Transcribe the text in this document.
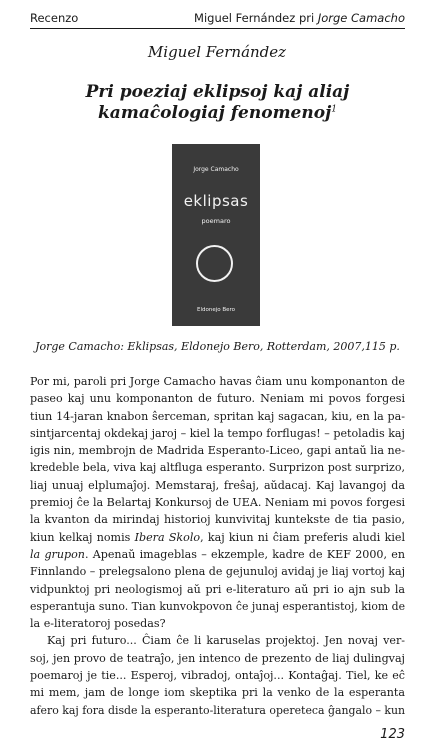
Recenzo	Miguel Fernández pri Jorge Camacho
Miguel Fernández
Pri poeziaj eklipsoj kaj aliaj
kamaĉologiaj fenomenoj$^1$
Jorge Camacho
eklipsas
poemaro
Eldonejo Bero
Jorge Camacho: Eklipsas, Eldonejo Bero, Rotterdam, 2007,115 p.
Por mi, paroli pri Jorge Camacho havas ĉiam unu komponanton de
paseo kaj unu komponanton de futuro. Neniam mi povos forgesi
tiun 14-jaran knabon ŝerceman, spritan kaj sagacan, kiu, en la pa-
sintjarcentaj okdekaj jaroj – kiel la tempo forflugas! – petoladis kaj
igis nin, membrojn de Madrida Esperanto-Liceo, gapi antaŭ lia ne-
kredeble bela, viva kaj altfluga esperanto. Surprizon post surprizo,
liaj unuaj elplumaĵoj. Memstaraj, freŝaj, aŭdacaj. Kaj lavangoj da
premioj ĉe la Belartaj Konkursoj de UEA. Neniam mi povos forgesi
la kvanton da mirindaj historioj kunvivitaj kuntekste de tia pasio,
kiun kelkaj nomis Ibera Skolo, kaj kiun ni ĉiam preferis aludi kiel
la grupon. Apenaŭ imageblas – ekzemple, kadre de KEF 2000, en
Finnlando – prelegsalono plena de gejunuloj avidaj je liaj vortoj kaj
vidpunktoj pri neologismoj aŭ pri e-literaturo aŭ pri io ajn sub la
esperantuja suno. Tian kunvokpovon ĉe junaj esperantistoj, kiom de
la e-literatoroj posedas?
Kaj pri futuro... Ĉiam ĉe li karuselas projektoj. Jen novaj ver-
soj, jen provo de teatraĵo, jen intenco de prezento de liaj dulingvaj
poemaroj je tie... Esperoj, vibradoj, ontaĵoj... Kontaĝaj. Tiel, ke eĉ
mi mem, jam de longe iom skeptika pri la venko de la esperanta
afero kaj fora disde la esperanto-literatura opereteca ĝangalo – kun
123
